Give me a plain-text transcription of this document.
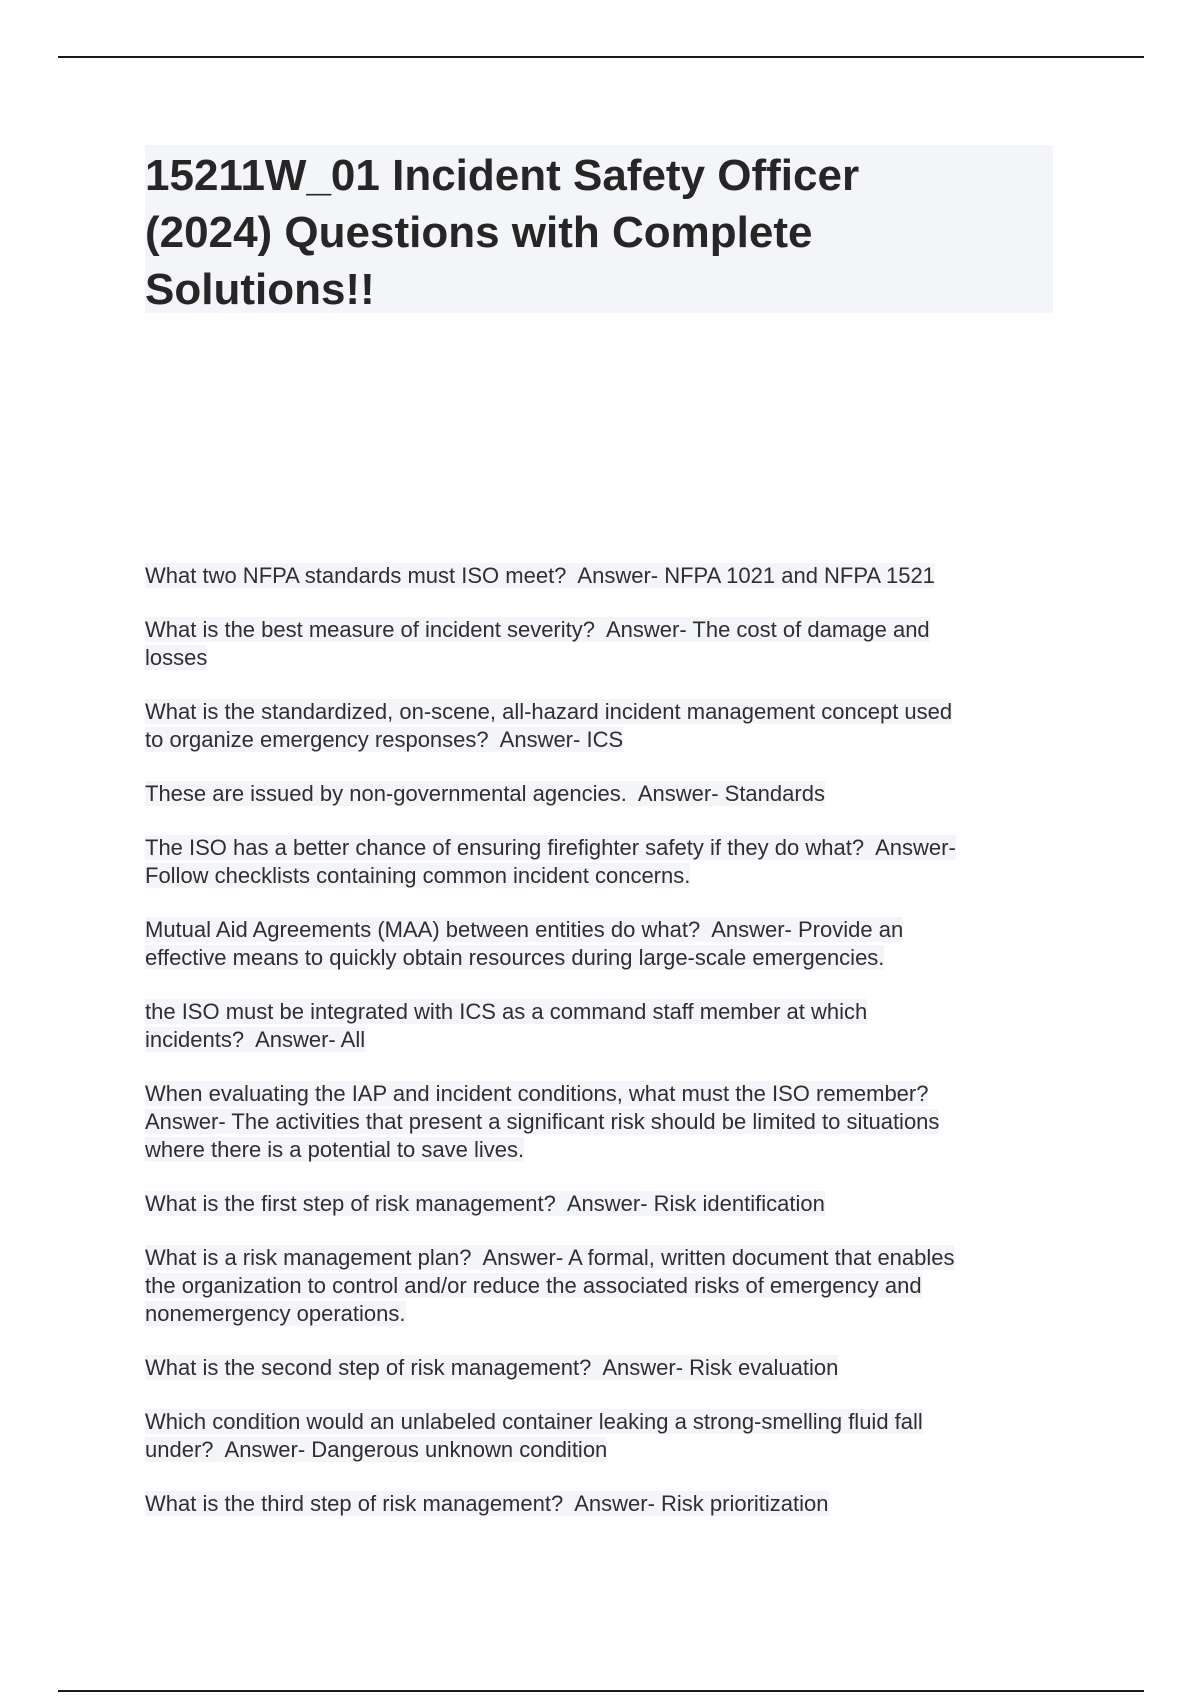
15211W_01 Incident Safety Officer
(2024) Questions with Complete
Solutions!!

What two NFPA standards must ISO meet?  Answer- NFPA 1021 and NFPA 1521

What is the best measure of incident severity?  Answer- The cost of damage and
losses

What is the standardized, on-scene, all-hazard incident management concept used
to organize emergency responses?  Answer- ICS

These are issued by non-governmental agencies.  Answer- Standards

The ISO has a better chance of ensuring firefighter safety if they do what?  Answer-
Follow checklists containing common incident concerns.

Mutual Aid Agreements (MAA) between entities do what?  Answer- Provide an
effective means to quickly obtain resources during large-scale emergencies.

the ISO must be integrated with ICS as a command staff member at which
incidents?  Answer- All

When evaluating the IAP and incident conditions, what must the ISO remember?
Answer- The activities that present a significant risk should be limited to situations
where there is a potential to save lives.

What is the first step of risk management?  Answer- Risk identification

What is a risk management plan?  Answer- A formal, written document that enables
the organization to control and/or reduce the associated risks of emergency and
nonemergency operations.

What is the second step of risk management?  Answer- Risk evaluation

Which condition would an unlabeled container leaking a strong-smelling fluid fall
under?  Answer- Dangerous unknown condition

What is the third step of risk management?  Answer- Risk prioritization
